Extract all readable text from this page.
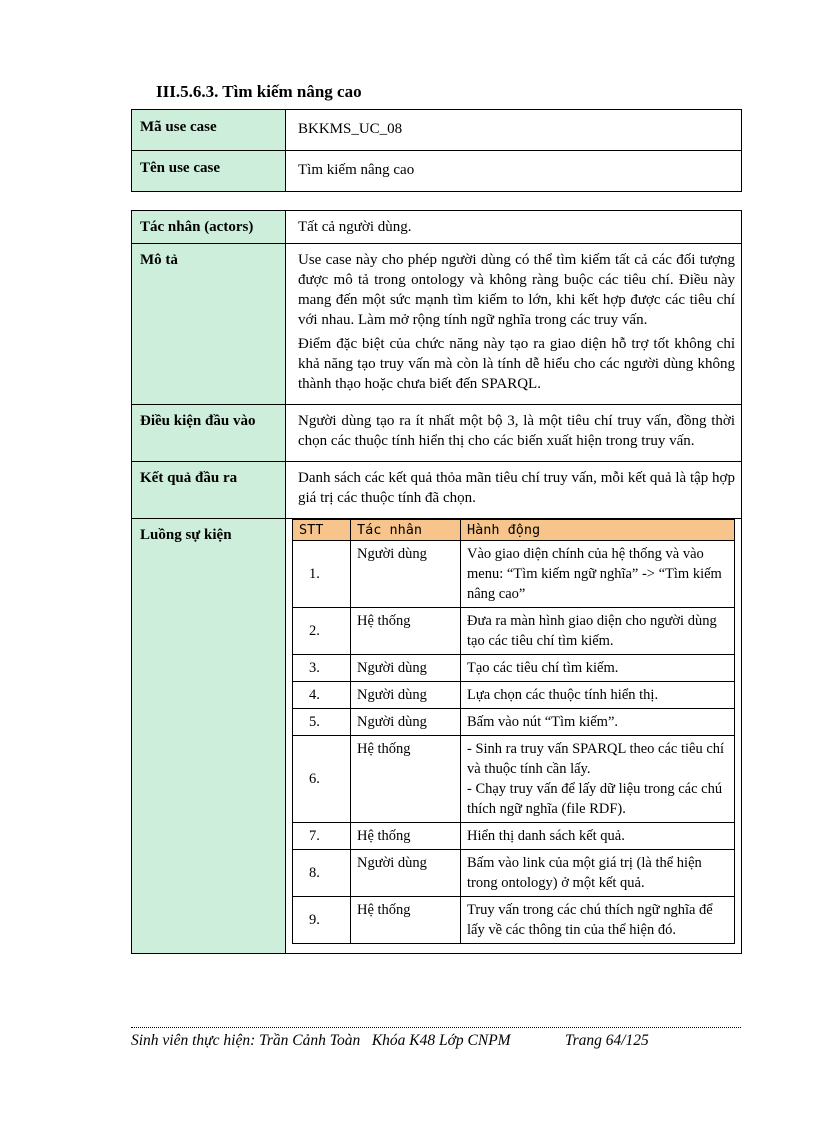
III.5.6.3. Tìm kiếm nâng cao
Mã use case	BKKMS_UC_08
Tên use case	Tìm kiếm nâng cao
Tác nhân (actors)	Tất cả người dùng.
Mô tả	Use case này cho phép người dùng có thể tìm kiếm tất cả các đối tượng được mô tả trong ontology và không ràng buộc các tiêu chí. Điều này mang đến một sức mạnh tìm kiếm to lớn, khi kết hợp được các tiêu chí với nhau. Làm mở rộng tính ngữ nghĩa trong các truy vấn.

Điểm đặc biệt của chức năng này tạo ra giao diện hỗ trợ tốt không chỉ khả năng tạo truy vấn mà còn là tính dễ hiểu cho các người dùng không thành thạo hoặc chưa biết đến SPARQL.

Điều kiện đầu vào	Người dùng tạo ra ít nhất một bộ 3, là một tiêu chí truy vấn, đồng thời chọn các thuộc tính hiển thị cho các biến xuất hiện trong truy vấn.

Kết quả đầu ra	Danh sách các kết quả thỏa mãn tiêu chí truy vấn, mỗi kết quả là tập hợp giá trị các thuộc tính đã chọn.

Luồng sự kiện		STT	Tác nhân	Hành động
1.	Người dùng	Vào giao diện chính của hệ thống và vào menu: “Tìm kiếm ngữ nghĩa” -> “Tìm kiếm nâng cao”
2.	Hệ thống	Đưa ra màn hình giao diện cho người dùng tạo các tiêu chí tìm kiếm.
3.	Người dùng	Tạo các tiêu chí tìm kiếm.
4.	Người dùng	Lựa chọn các thuộc tính hiển thị.
5.	Người dùng	Bấm vào nút “Tìm kiếm”.
6.	Hệ thống	- Sinh ra truy vấn SPARQL theo các tiêu chí và thuộc tính cần lấy.
- Chạy truy vấn để lấy dữ liệu trong các chú thích ngữ nghĩa (file RDF).
7.	Hệ thống	Hiển thị danh sách kết quả.
8.	Người dùng	Bấm vào link của một giá trị (là thể hiện trong ontology) ở một kết quả.
9.	Hệ thống	Truy vấn trong các chú thích ngữ nghĩa để lấy về các thông tin của thể hiện đó.
Sinh viên thực hiện: Trần Cảnh Toàn   Khóa K48 Lớp CNPM              Trang 64/125
